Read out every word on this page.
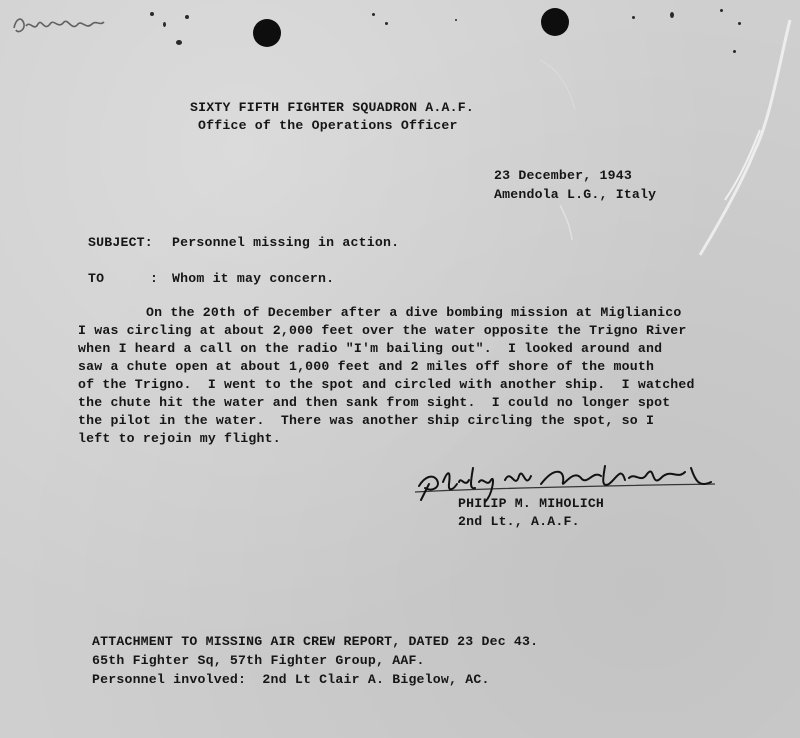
SIXTY FIFTH FIGHTER SQUADRON A.A.F.
Office of the Operations Officer
23 December, 1943
Amendola L.G., Italy
SUBJECT: Personnel missing in action.
TO	: Whom it may concern.
On the 20th of December after a dive bombing mission at Miglianico
I was circling at about 2,000 feet over the water opposite the Trigno River
when I heard a call on the radio "I'm bailing out".  I looked around and
saw a chute open at about 1,000 feet and 2 miles off shore of the mouth
of the Trigno.  I went to the spot and circled with another ship.  I watched
the chute hit the water and then sank from sight.  I could no longer spot
the pilot in the water.  There was another ship circling the spot, so I
left to rejoin my flight.
PHILIP M. MIHOLICH
2nd Lt., A.A.F.
ATTACHMENT TO MISSING AIR CREW REPORT, DATED 23 Dec 43.
65th Fighter Sq, 57th Fighter Group, AAF.
Personnel involved:  2nd Lt Clair A. Bigelow, AC.
